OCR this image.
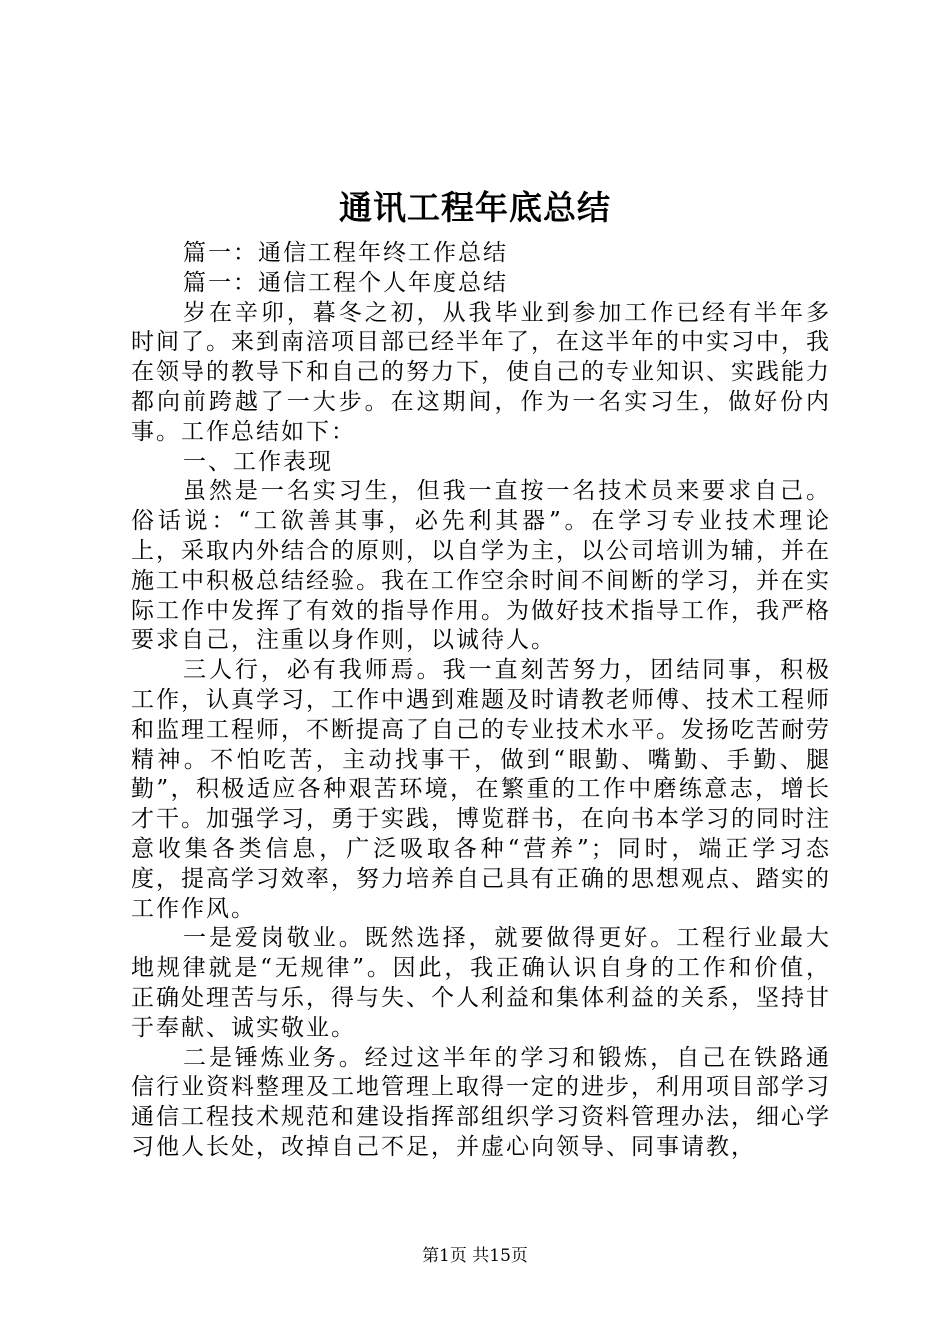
通讯工程年底总结

篇一：通信工程年终工作总结

篇一：通信工程个人年度总结

岁在辛卯，暮冬之初，从我毕业到参加工作已经有半年多时间了。来到南涪项目部已经半年了，在这半年的中实习中，我在领导的教导下和自己的努力下，使自己的专业知识、实践能力都向前跨越了一大步。在这期间，作为一名实习生，做好份内事。工作总结如下：

一、工作表现

虽然是一名实习生，但我一直按一名技术员来要求自己。俗话说：“工欲善其事，必先利其器”。在学习专业技术理论上，采取内外结合的原则，以自学为主，以公司培训为辅，并在施工中积极总结经验。我在工作空余时间不间断的学习，并在实际工作中发挥了有效的指导作用。为做好技术指导工作，我严格要求自己，注重以身作则，以诚待人。

三人行，必有我师焉。我一直刻苦努力，团结同事，积极工作，认真学习，工作中遇到难题及时请教老师傅、技术工程师和监理工程师，不断提高了自己的专业技术水平。发扬吃苦耐劳精神。不怕吃苦，主动找事干，做到“眼勤、嘴勤、手勤、腿勤”，积极适应各种艰苦环境，在繁重的工作中磨练意志，增长才干。加强学习，勇于实践，博览群书，在向书本学习的同时注意收集各类信息，广泛吸取各种“营养”；同时，端正学习态度，提高学习效率，努力培养自己具有正确的思想观点、踏实的工作作风。

一是爱岗敬业。既然选择，就要做得更好。工程行业最大地规律就是“无规律”。因此，我正确认识自身的工作和价值，正确处理苦与乐，得与失、个人利益和集体利益的关系，坚持甘于奉献、诚实敬业。

二是锤炼业务。经过这半年的学习和锻炼，自己在铁路通信行业资料整理及工地管理上取得一定的进步，利用项目部学习通信工程技术规范和建设指挥部组织学习资料管理办法，细心学习他人长处，改掉自己不足，并虚心向领导、同事请教，

第1页 共15页
